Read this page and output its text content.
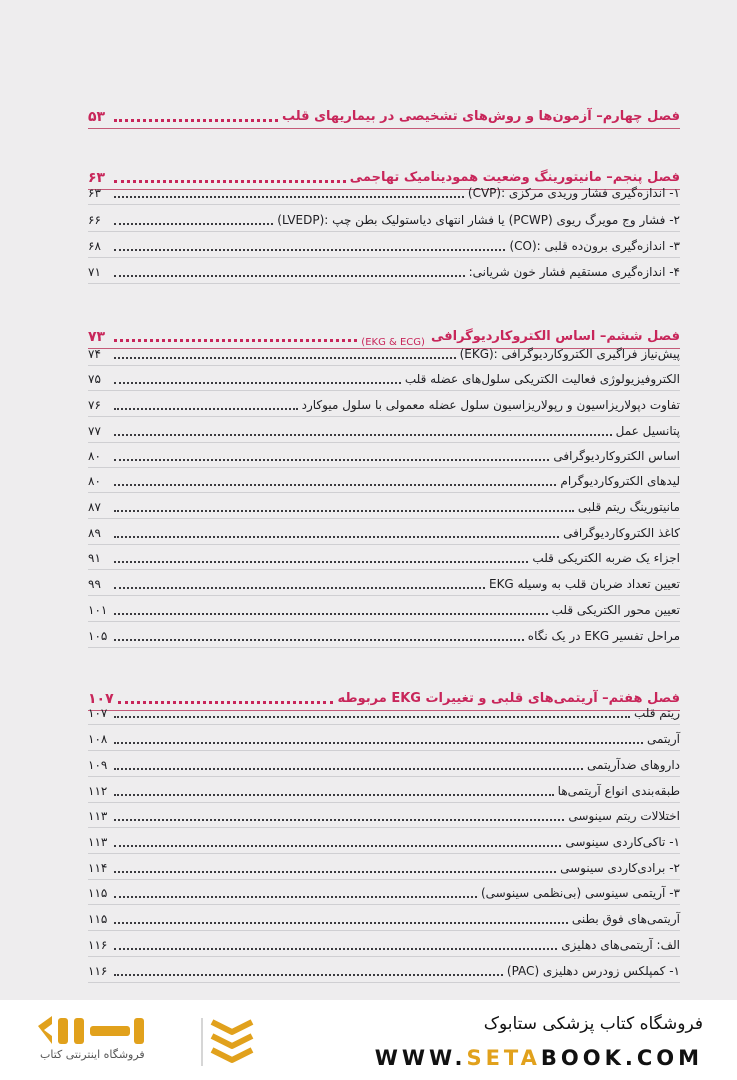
فصل چهارم– آزمون‌ها و روش‌های تشخیصی در بیماریهای قلب
۵۳
فصل پنجم– مانیتورینگ وضعیت همودینامیک تهاجمی
۶۳
۱- اندازه‌گیری فشار وریدی مرکزی :(CVP)
۶۳
۲- فشار وج مویرگ ریوی (PCWP) یا فشار انتهای دیاستولیک بطن چپ :(LVEDP)
۶۶
۳- اندازه‌گیری برون‌ده قلبی :(CO)
۶۸
۴- اندازه‌گیری مستقیم فشار خون شریانی:
۷۱
فصل ششم– اساس الکتروکاردیوگرافی
(EKG & ECG)
۷۳
پیش‌نیاز فراگیری الکتروکاردیوگرافی :(EKG)
۷۴
الکتروفیزیولوژی فعالیت الکتریکی سلول‌های عضله قلب
۷۵
تفاوت دپولاریزاسیون و رپولاریزاسیون سلول عضله معمولی با سلول میوکارد
۷۶
پتانسیل عمل
۷۷
اساس الکتروکاردیوگرافی
۸۰
لیدهای الکتروکاردیوگرام
۸۰
مانیتورینگ ریتم قلبی
۸۷
کاغذ الکتروکاردیوگرافی
۸۹
اجزاء یک ضربه الکتریکی قلب
۹۱
تعیین تعداد ضربان قلب به وسیله EKG
۹۹
تعیین محور الکتریکی قلب
۱۰۱
مراحل تفسیر EKG در یک نگاه
۱۰۵
فصل هفتم– آریتمی‌های قلبی و تغییرات EKG مربوطه
۱۰۷
ریتم قلب
۱۰۷
آریتمی
۱۰۸
داروهای ضدآریتمی
۱۰۹
طبقه‌بندی انواع آریتمی‌ها
۱۱۲
اختلالات ریتم سینوسی
۱۱۳
۱- تاکی‌کاردی سینوسی
۱۱۳
۲- برادی‌کاردی سینوسی
۱۱۴
۳- آریتمی سینوسی (بی‌نظمی سینوسی)
۱۱۵
آریتمی‌های فوق بطنی
۱۱۵
الف: آریتمی‌های دهلیزی
۱۱۶
۱- کمپلکس زودرس دهلیزی (PAC)
۱۱۶
فروشگاه اینترنتی کتاب
فروشگاه کتاب پزشکی ستابوک
WWW.SETABOOK.COM
